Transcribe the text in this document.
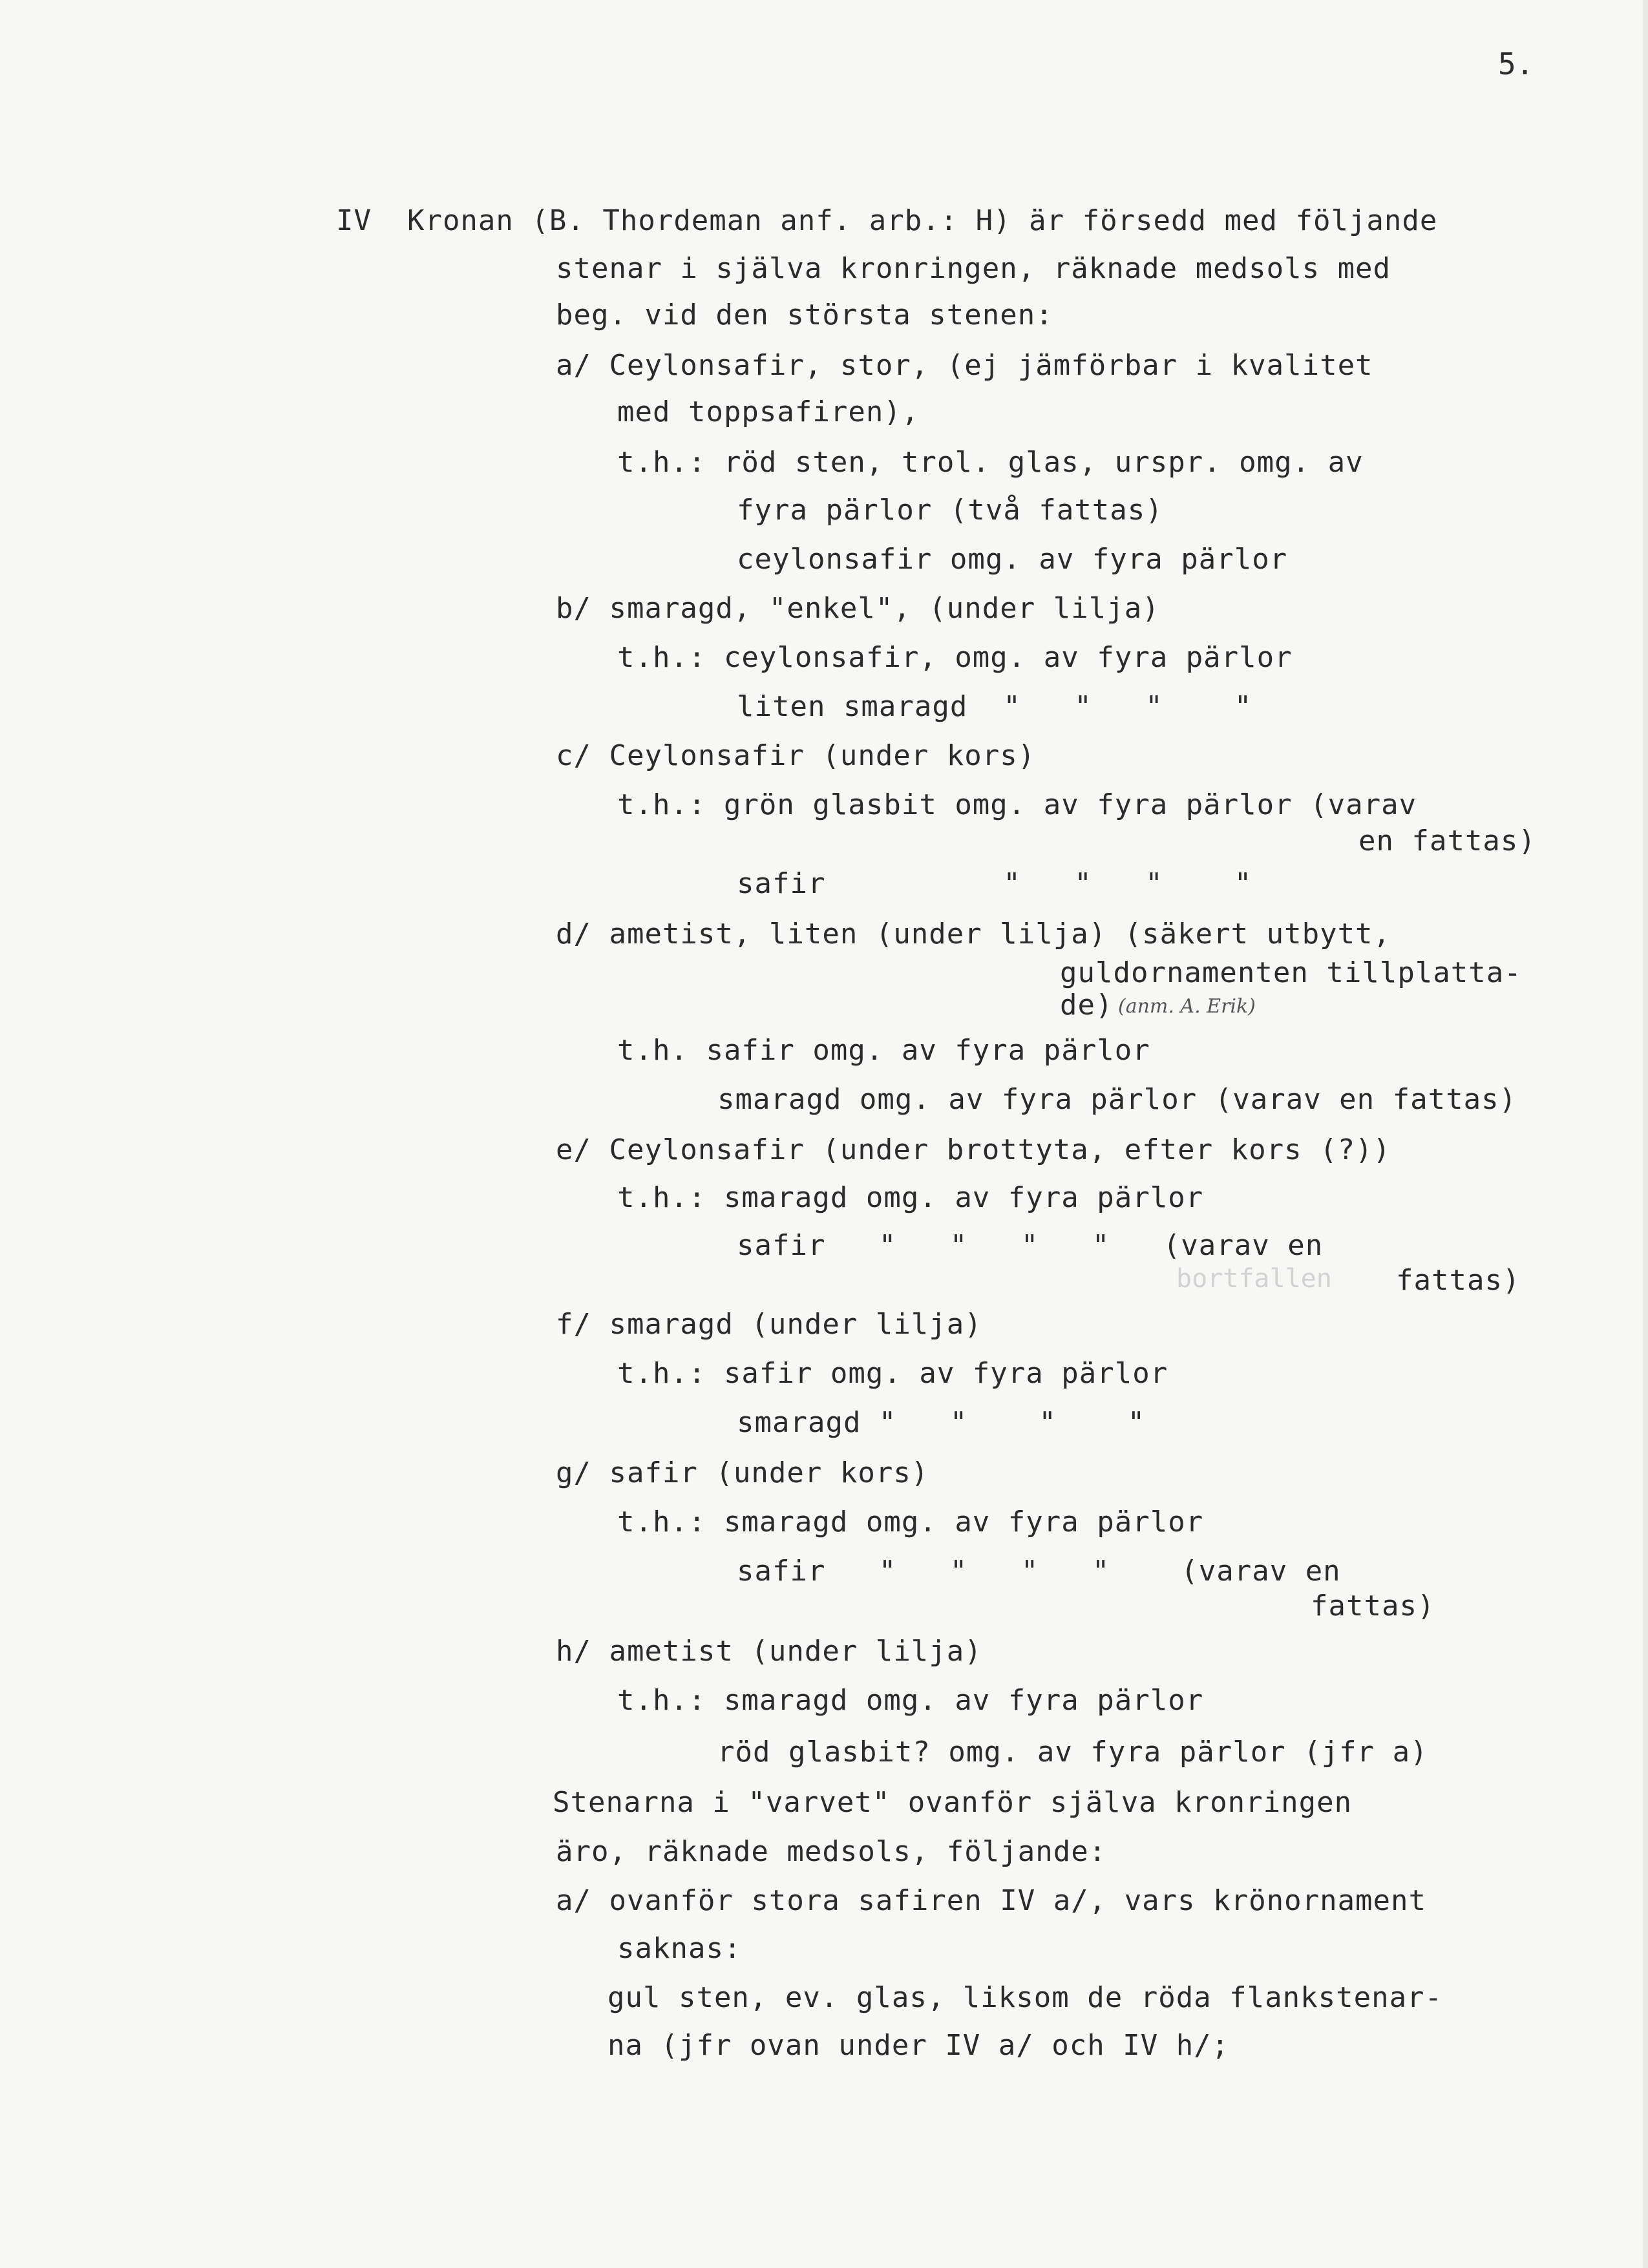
5.
IV  Kronan (B. Thordeman anf. arb.: H) är försedd med följande
stenar i själva kronringen, räknade medsols med
beg. vid den största stenen:
a/ Ceylonsafir, stor, (ej jämförbar i kvalitet
med toppsafiren),
t.h.: röd sten, trol. glas, urspr. omg. av
fyra pärlor (två fattas)
ceylonsafir omg. av fyra pärlor
b/ smaragd, "enkel", (under lilja)
t.h.: ceylonsafir, omg. av fyra pärlor
liten smaragd  "   "   "    "
c/ Ceylonsafir (under kors)
t.h.: grön glasbit omg. av fyra pärlor (varav
en fattas)
safir          "   "   "    "
d/ ametist, liten (under lilja) (säkert utbytt,
guldornamenten tillplatta-
de) (anm. A. Erik)
t.h. safir omg. av fyra pärlor
smaragd omg. av fyra pärlor (varav en fattas)
e/ Ceylonsafir (under brottyta, efter kors (?))
t.h.: smaragd omg. av fyra pärlor
safir   "   "   "   "   (varav en
bortfallen fattas)
f/ smaragd (under lilja)
t.h.: safir omg. av fyra pärlor
smaragd "   "    "    "
g/ safir (under kors)
t.h.: smaragd omg. av fyra pärlor
safir   "   "   "   "    (varav en
fattas)
h/ ametist (under lilja)
t.h.: smaragd omg. av fyra pärlor
röd glasbit? omg. av fyra pärlor (jfr a)
Stenarna i "varvet" ovanför själva kronringen
äro, räknade medsols, följande:
a/ ovanför stora safiren IV a/, vars krönornament
saknas:
gul sten, ev. glas, liksom de röda flankstenar-
na (jfr ovan under IV a/ och IV h/;
